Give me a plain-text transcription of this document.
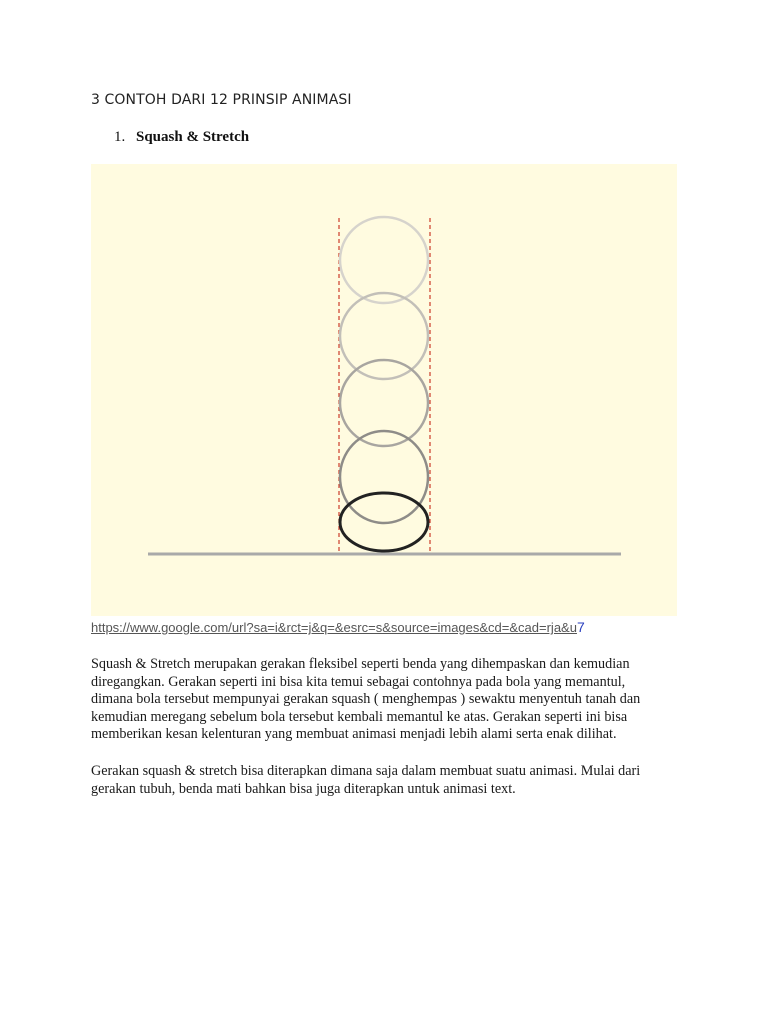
3 CONTOH DARI 12 PRINSIP ANIMASI
1. Squash & Stretch
https://www.google.com/url?sa=i&rct=j&q=&esrc=s&source=images&cd=&cad=rja&u7
Squash & Stretch merupakan gerakan fleksibel seperti benda yang dihempaskan dan kemudian
diregangkan. Gerakan seperti ini bisa kita temui sebagai contohnya pada bola yang memantul,
dimana bola tersebut mempunyai gerakan squash ( menghempas ) sewaktu menyentuh tanah dan
kemudian meregang sebelum bola tersebut kembali memantul ke atas. Gerakan seperti ini bisa
memberikan kesan kelenturan yang membuat animasi menjadi lebih alami serta enak dilihat.
Gerakan squash & stretch bisa diterapkan dimana saja dalam membuat suatu animasi. Mulai dari
gerakan tubuh, benda mati bahkan bisa juga diterapkan untuk animasi text.
